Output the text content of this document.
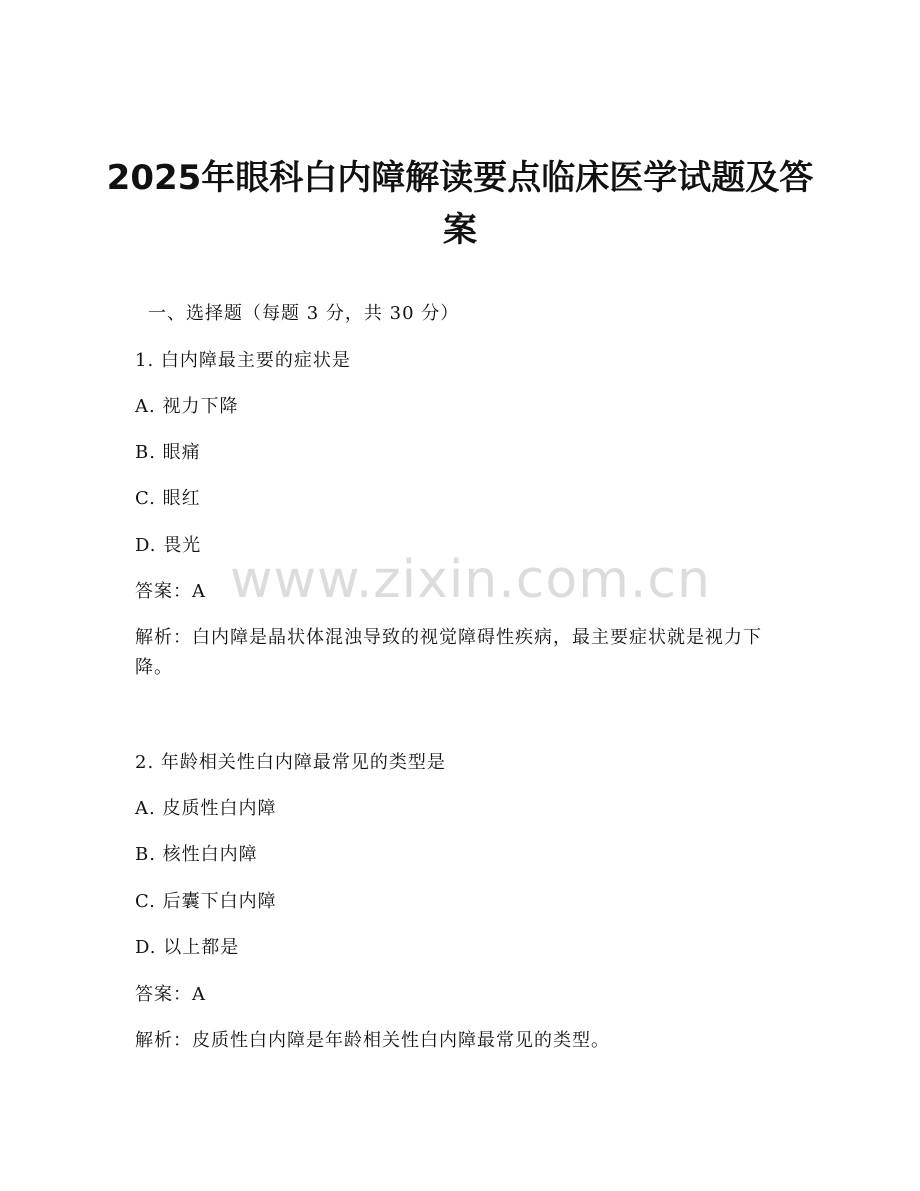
2025年眼科白内障解读要点临床医学试题及答案
一、选择题（每题 3 分，共 30 分）
1. 白内障最主要的症状是
A. 视力下降
B. 眼痛
C. 眼红
D. 畏光
答案：A
解析：白内障是晶状体混浊导致的视觉障碍性疾病，最主要症状就是视力下降。
2. 年龄相关性白内障最常见的类型是
A. 皮质性白内障
B. 核性白内障
C. 后囊下白内障
D. 以上都是
答案：A
解析：皮质性白内障是年龄相关性白内障最常见的类型。
www.zixin.com.cn
